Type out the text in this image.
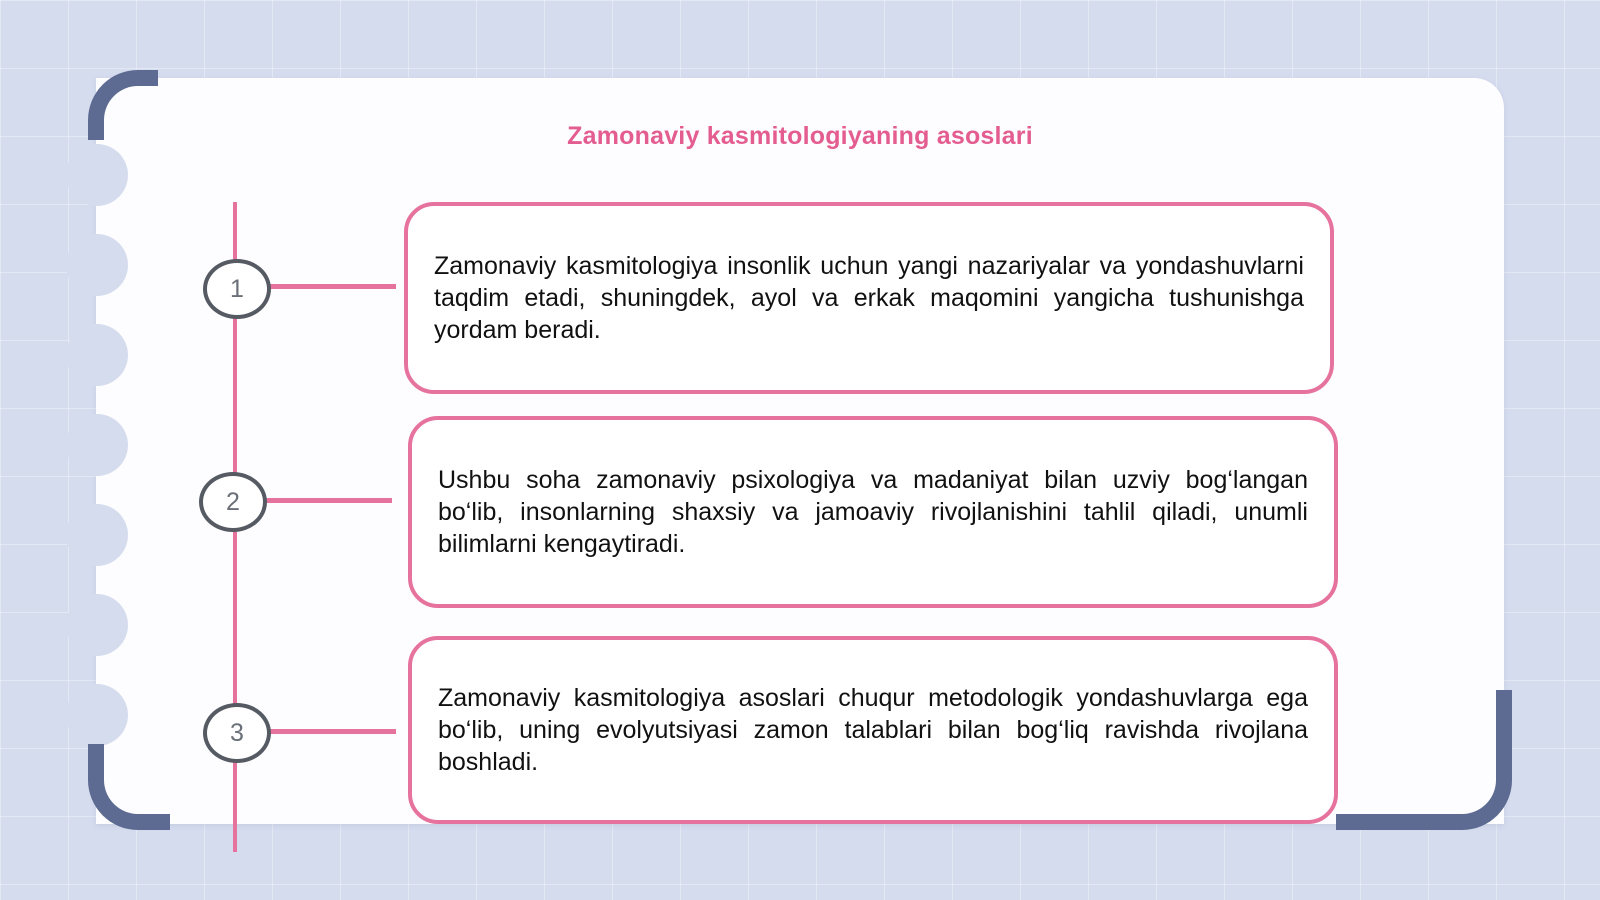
Zamonaviy kasmitologiyaning asoslari
1
2
3
Zamonaviy kasmitologiya insonlik uchun yangi nazariyalar va yondashuvlarni taqdim etadi, shuningdek, ayol va erkak maqomini yangicha tushunishga yordam beradi.
Ushbu soha zamonaviy psixologiya va madaniyat bilan uzviy bog‘langan bo‘lib, insonlarning shaxsiy va jamoaviy rivojlanishini tahlil qiladi, unumli bilimlarni kengaytiradi.
Zamonaviy kasmitologiya asoslari chuqur metodologik yondashuvlarga ega bo‘lib, uning evolyutsiyasi zamon talablari bilan bog‘liq ravishda rivojlana boshladi.
